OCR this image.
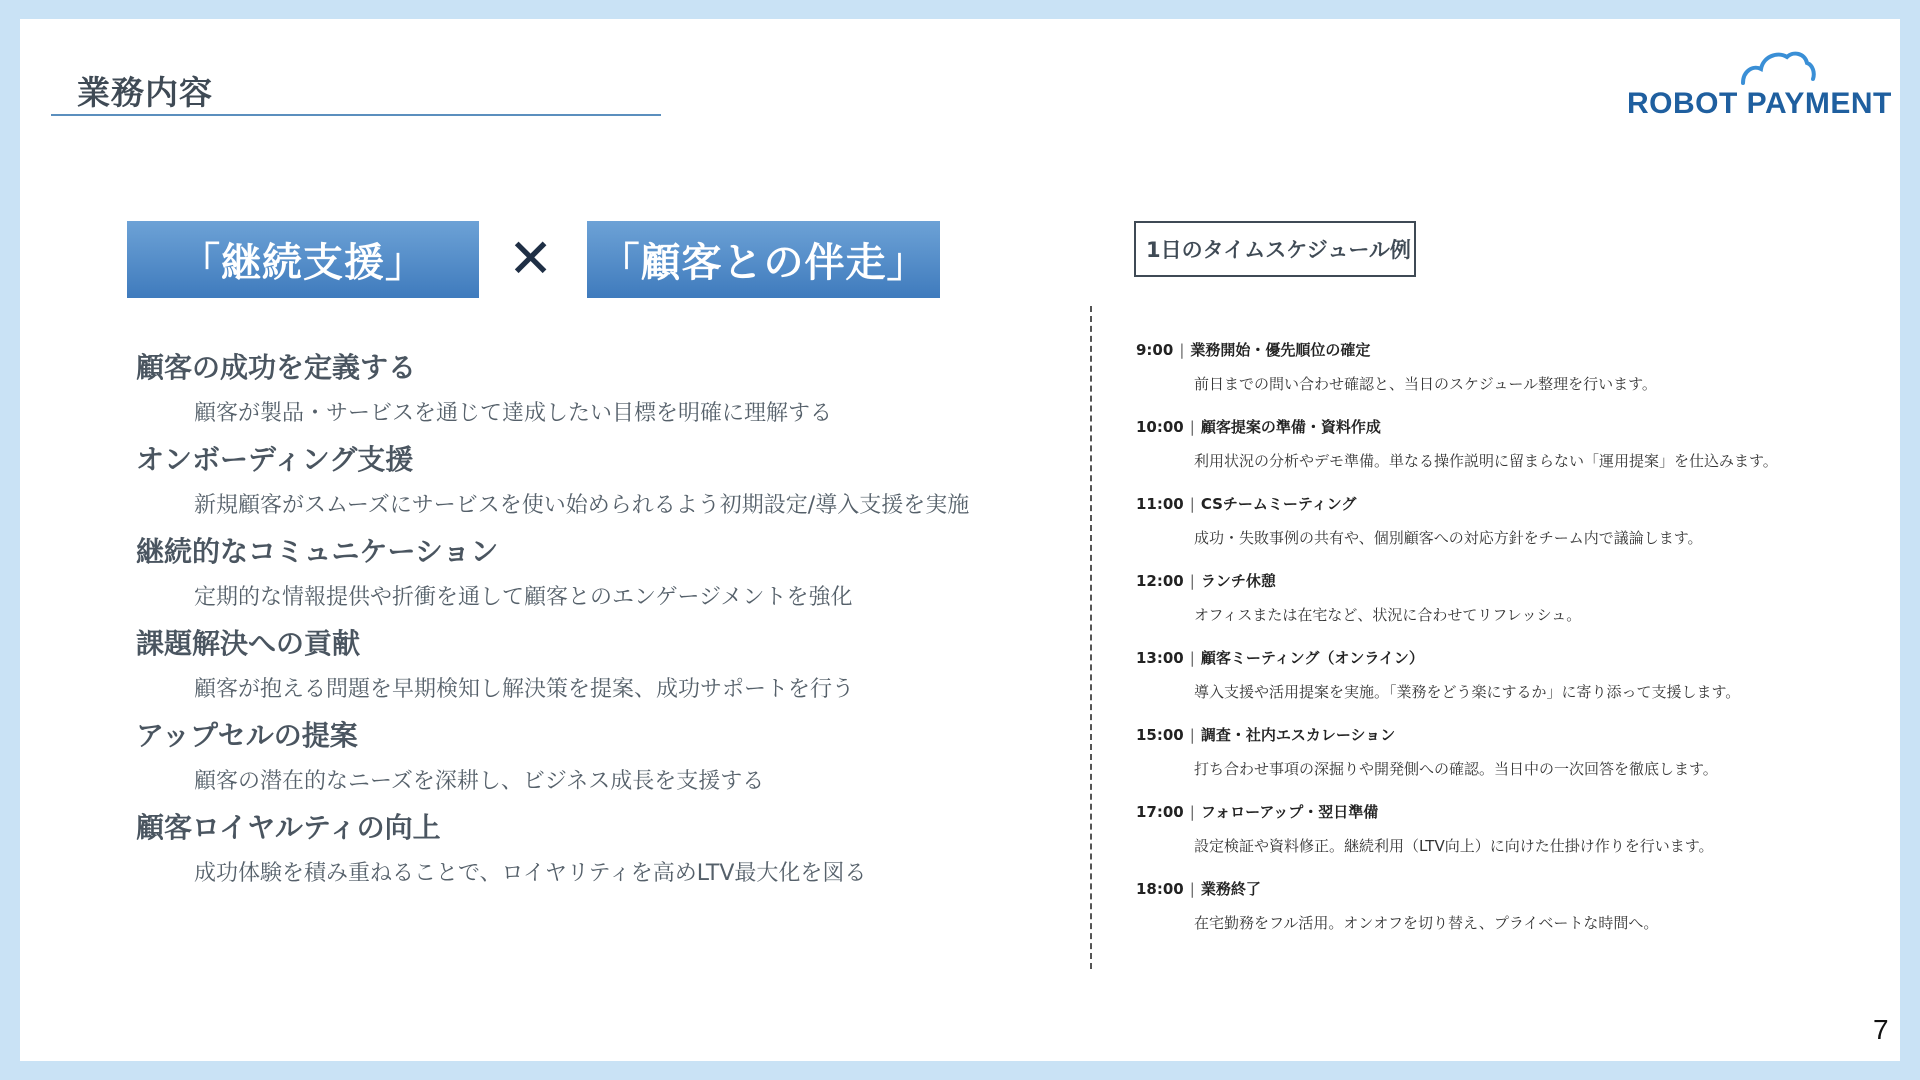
業務内容	ROBOT PAYMENT
「継続支援」	✕	「顧客との伴走」
顧客の成功を定義する
顧客が製品・サービスを通じて達成したい目標を明確に理解する
オンボーディング支援
新規顧客がスムーズにサービスを使い始められるよう初期設定/導入支援を実施
継続的なコミュニケーション
定期的な情報提供や折衝を通して顧客とのエンゲージメントを強化
課題解決への貢献
顧客が抱える問題を早期検知し解決策を提案、成功サポートを行う
アップセルの提案
顧客の潜在的なニーズを深耕し、ビジネス成長を支援する
顧客ロイヤルティの向上
成功体験を積み重ねることで、ロイヤリティを高めLTV最大化を図る
1日のタイムスケジュール例
9:00 | 業務開始・優先順位の確定
前日までの問い合わせ確認と、当日のスケジュール整理を行います。
10:00 | 顧客提案の準備・資料作成
利用状況の分析やデモ準備。単なる操作説明に留まらない「運用提案」を仕込みます。
11:00 | CSチームミーティング
成功・失敗事例の共有や、個別顧客への対応方針をチーム内で議論します。
12:00 | ランチ休憩
オフィスまたは在宅など、状況に合わせてリフレッシュ。
13:00 | 顧客ミーティング（オンライン）
導入支援や活用提案を実施。「業務をどう楽にするか」に寄り添って支援します。
15:00 | 調査・社内エスカレーション
打ち合わせ事項の深掘りや開発側への確認。当日中の一次回答を徹底します。
17:00 | フォローアップ・翌日準備
設定検証や資料修正。継続利用（LTV向上）に向けた仕掛け作りを行います。
18:00 | 業務終了
在宅勤務をフル活用。オンオフを切り替え、プライベートな時間へ。
7
